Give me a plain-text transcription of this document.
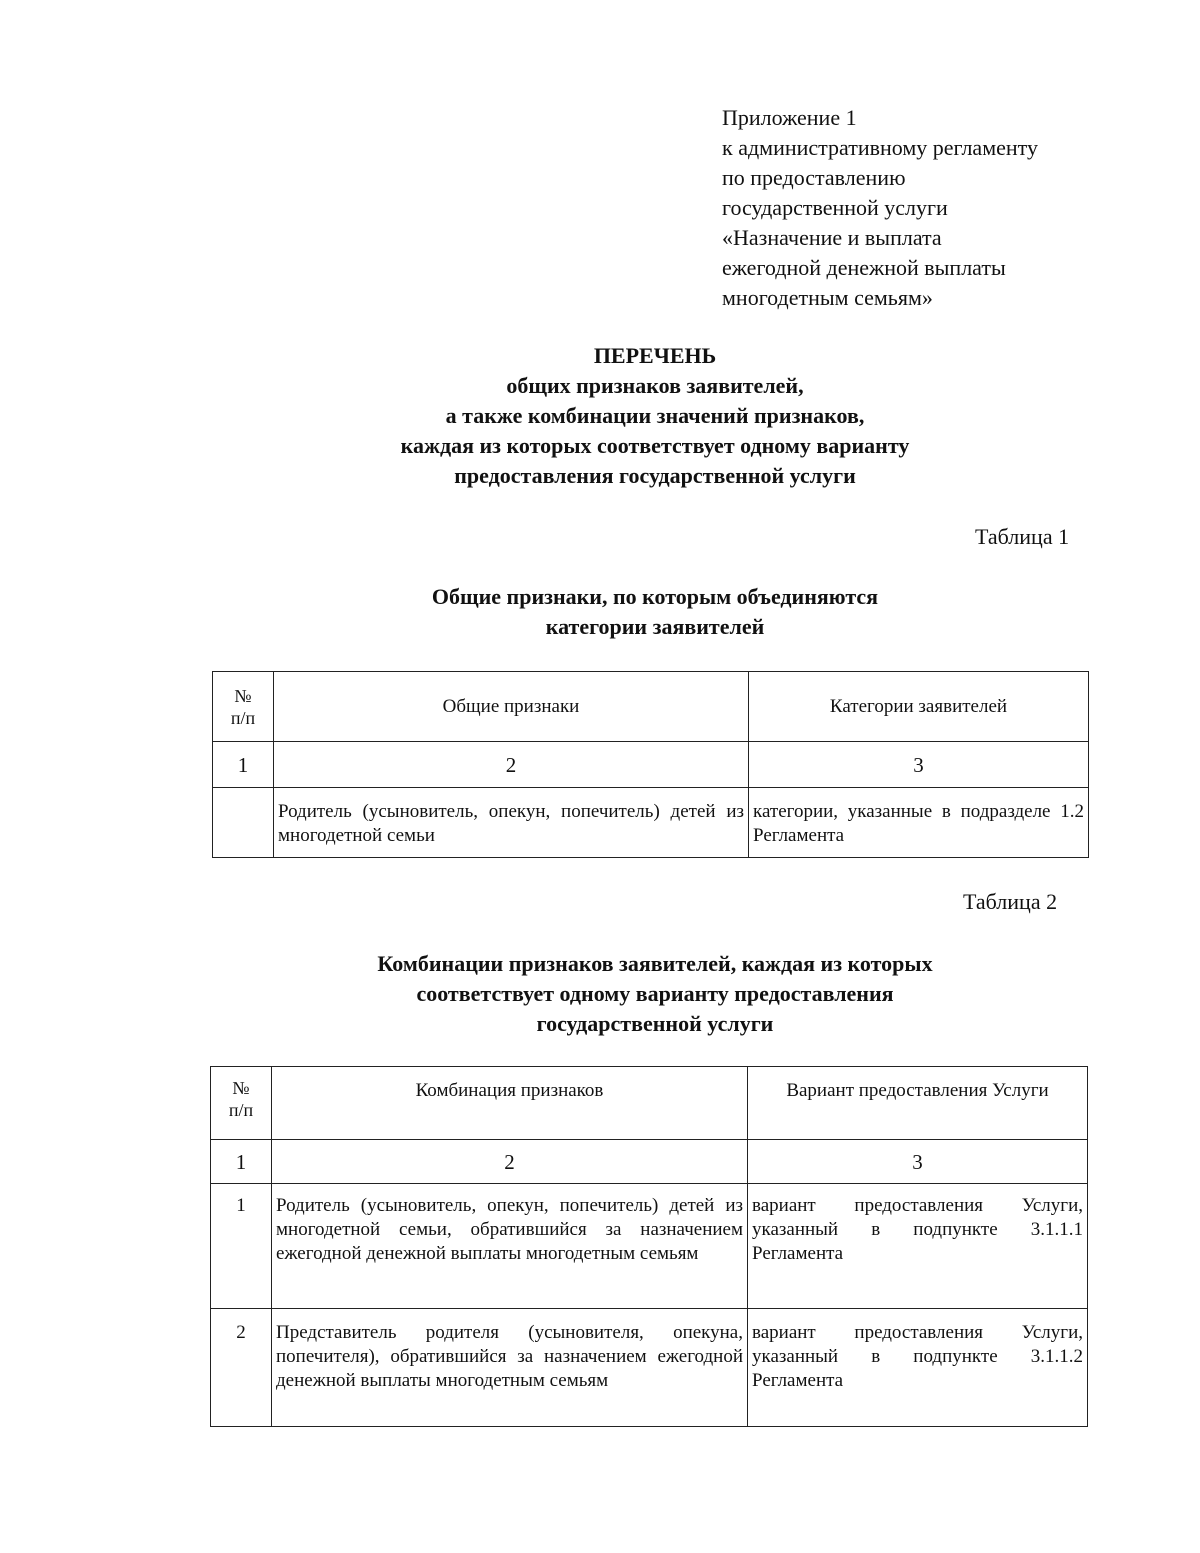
Приложение 1
к административному регламенту
по предоставлению
государственной услуги
«Назначение и выплата
ежегодной денежной выплаты
многодетным семьям»
ПЕРЕЧЕНЬ
общих признаков заявителей,
а также комбинации значений признаков,
каждая из которых соответствует одному варианту
предоставления государственной услуги
Таблица 1
Общие признаки, по которым объединяются
категории заявителей
№
п/п	Общие признаки	Категории заявителей
1	2	3
	Родитель (усыновитель, опекун, попечитель) детей из многодетной семьи	категории, указанные в подразделе 1.2 Регламента
Таблица 2
Комбинации признаков заявителей, каждая из которых
соответствует одному варианту предоставления
государственной услуги
№
п/п	Комбинация признаков	Вариант предоставления Услуги
1	2	3
1	Родитель (усыновитель, опекун, попечитель) детей из многодетной семьи, обратившийся за назначением ежегодной денежной выплаты многодетным семьям	вариант предоставления Услуги, указанный в подпункте 3.1.1.1 Регламента
2	Представитель родителя (усыновителя, опекуна, попечителя), обратившийся за назначением ежегодной денежной выплаты многодетным семьям	вариант предоставления Услуги, указанный в подпункте 3.1.1.2 Регламента
